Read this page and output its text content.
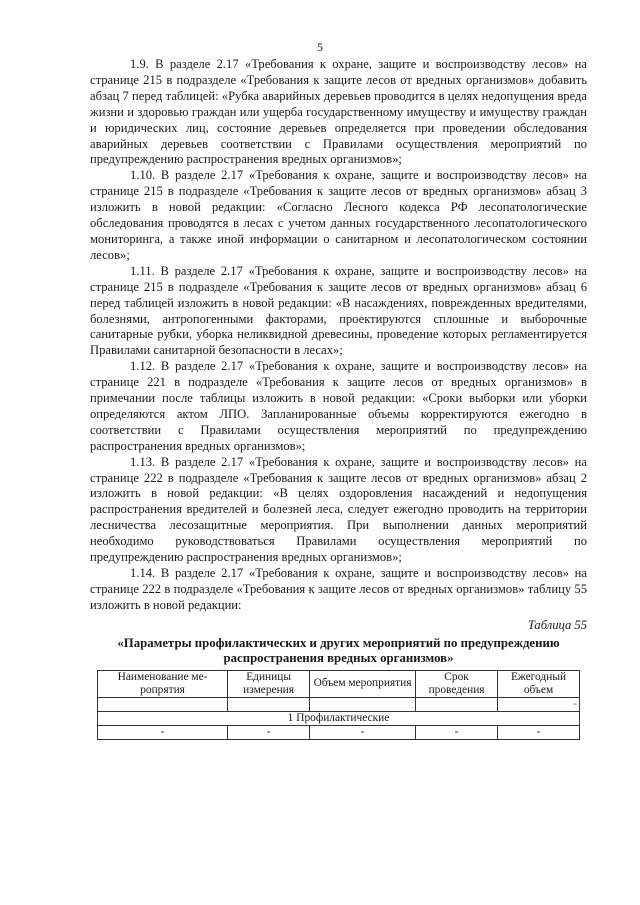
5

1.9. В разделе 2.17 «Требования к охране, защите и воспроизводству лесов» на странице 215 в подразделе «Требования к защите лесов от вредных организмов» добавить абзац 7 перед таблицей: «Рубка аварийных деревьев проводится в целях недопущения вреда жизни и здоровью граждан или ущерба государственному имуществу и имуществу граждан и юридических лиц, состояние деревьев определяется при проведении обследования аварийных деревьев соответствии с Правилами осуществления мероприятий по предупреждению распространения вредных организмов»;

1.10. В разделе 2.17 «Требования к охране, защите и воспроизводству лесов» на странице 215 в подразделе «Требования к защите лесов от вредных организмов» абзац 3 изложить в новой редакции: «Согласно Лесного кодекса РФ лесопатологические обследования проводятся в лесах с учетом данных государственного лесопатологического мониторинга, а также иной информации о санитарном и лесопатологическом состоянии лесов»;

1.11. В разделе 2.17 «Требования к охране, защите и воспроизводству лесов» на странице 215 в подразделе «Требования к защите лесов от вредных организмов» абзац 6 перед таблицей изложить в новой редакции: «В насаждениях, поврежденных вредителями, болезнями, антропогенными факторами, проектируются сплошные и выборочные санитарные рубки, уборка неликвидной древесины, проведение которых регламентируется Правилами санитарной безопасности в лесах»;

1.12. В разделе 2.17 «Требования к охране, защите и воспроизводству лесов» на странице 221 в подразделе «Требования к защите лесов от вредных организмов» в примечании после таблицы изложить в новой редакции: «Сроки выборки или уборки определяются актом ЛПО. Запланированные объемы корректируются ежегодно в соответствии с Правилами осуществления мероприятий по предупреждению распространения вредных организмов»;

1.13. В разделе 2.17 «Требования к охране, защите и воспроизводству лесов» на странице 222 в подразделе «Требования к защите лесов от вредных организмов» абзац 2 изложить в новой редакции: «В целях оздоровления насаждений и недопущения распространения вредителей и болезней леса, следует ежегодно проводить на территории лесничества лесозащитные мероприятия. При выполнении данных мероприятий необходимо руководствоваться Правилами осуществления мероприятий по предупреждению распространения вредных организмов»;

1.14. В разделе 2.17 «Требования к охране, защите и воспроизводству лесов» на странице 222 в подразделе «Требования к защите лесов от вредных организмов» таблицу 55 изложить в новой редакции:

Таблица 55
«Параметры профилактических и других мероприятий по предупреждению распространения вредных организмов»
Наименование ме-ропрятия	Единицы измерения	Объем мероприятия	Срок проведения	Ежегодный объем
				-
1 Профилактические				
-	-	-	-	-
